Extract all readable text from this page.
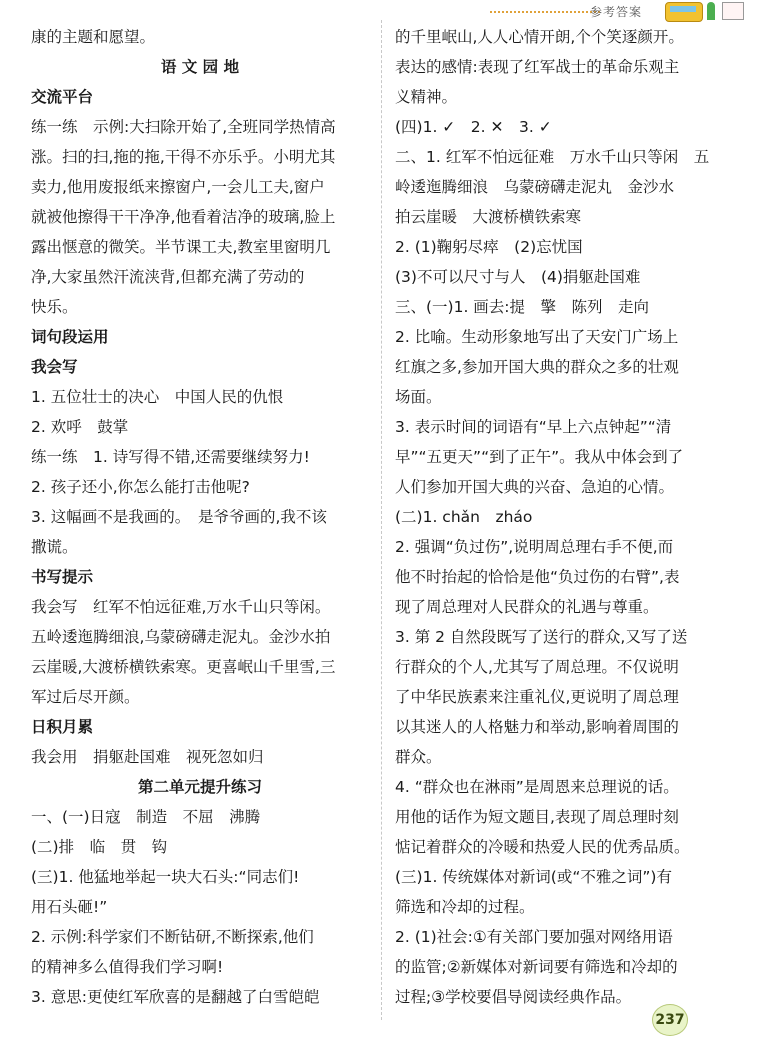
参考答案

康的主题和愿望。

语 文 园 地

交流平台

练一练　示例:大扫除开始了,全班同学热情高

涨。扫的扫,拖的拖,干得不亦乐乎。小明尤其

卖力,他用废报纸来擦窗户,一会儿工夫,窗户

就被他擦得干干净净,他看着洁净的玻璃,脸上

露出惬意的微笑。半节课工夫,教室里窗明几

净,大家虽然汗流浃背,但都充满了劳动的

快乐。

词句段运用

我会写

1. 五位壮士的决心　中国人民的仇恨

2. 欢呼　鼓掌

练一练　1. 诗写得不错,还需要继续努力!

2. 孩子还小,你怎么能打击他呢?

3. 这幅画不是我画的。　是爷爷画的,我不该

撒谎。

书写提示

我会写　红军不怕远征难,万水千山只等闲。

五岭逶迤腾细浪,乌蒙磅礴走泥丸。金沙水拍

云崖暖,大渡桥横铁索寒。更喜岷山千里雪,三

军过后尽开颜。

日积月累

我会用　捐躯赴国难　视死忽如归

第二单元提升练习

一、(一)日寇　制造　不屈　沸腾

(二)排　临　贯　钩

(三)1. 他猛地举起一块大石头:“同志们!

用石头砸!”

2. 示例:科学家们不断钻研,不断探索,他们

的精神多么值得我们学习啊!

3. 意思:更使红军欣喜的是翻越了白雪皑皑

的千里岷山,人人心情开朗,个个笑逐颜开。

表达的感情:表现了红军战士的革命乐观主

义精神。

(四)1. ✓　2. ✕　3. ✓

二、1. 红军不怕远征难　万水千山只等闲　五

岭逶迤腾细浪　乌蒙磅礴走泥丸　金沙水

拍云崖暖　大渡桥横铁索寒

2. (1)鞠躬尽瘁　(2)忘忧国

(3)不可以尺寸与人　(4)捐躯赴国难

三、(一)1. 画去:提　擎　陈列　走向

2. 比喻。生动形象地写出了天安门广场上

红旗之多,参加开国大典的群众之多的壮观

场面。

3. 表示时间的词语有“早上六点钟起”“清

早”“五更天”“到了正午”。我从中体会到了

人们参加开国大典的兴奋、急迫的心情。

(二)1. chǎn　zháo

2. 强调“负过伤”,说明周总理右手不便,而

他不时抬起的恰恰是他“负过伤的右臂”,表

现了周总理对人民群众的礼遇与尊重。

3. 第 2 自然段既写了送行的群众,又写了送

行群众的个人,尤其写了周总理。不仅说明

了中华民族素来注重礼仪,更说明了周总理

以其迷人的人格魅力和举动,影响着周围的

群众。

4. “群众也在淋雨”是周恩来总理说的话。

用他的话作为短文题目,表现了周总理时刻

惦记着群众的冷暖和热爱人民的优秀品质。

(三)1. 传统媒体对新词(或“不雅之词”)有

筛选和冷却的过程。

2. (1)社会:①有关部门要加强对网络用语

的监管;②新媒体对新词要有筛选和冷却的

过程;③学校要倡导阅读经典作品。

237
